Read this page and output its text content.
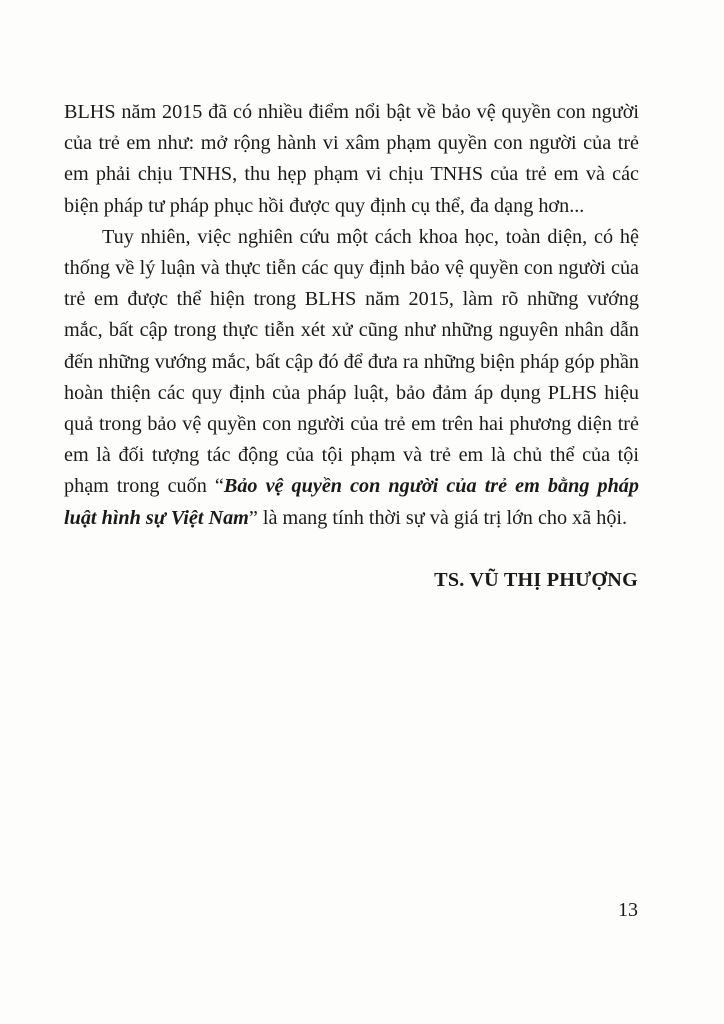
BLHS năm 2015 đã có nhiều điểm nổi bật về bảo vệ quyền con người của trẻ em như: mở rộng hành vi xâm phạm quyền con người của trẻ em phải chịu TNHS, thu hẹp phạm vi chịu TNHS của trẻ em và các biện pháp tư pháp phục hồi được quy định cụ thể, đa dạng hơn...

Tuy nhiên, việc nghiên cứu một cách khoa học, toàn diện, có hệ thống về lý luận và thực tiễn các quy định bảo vệ quyền con người của trẻ em được thể hiện trong BLHS năm 2015, làm rõ những vướng mắc, bất cập trong thực tiễn xét xử cũng như những nguyên nhân dẫn đến những vướng mắc, bất cập đó để đưa ra những biện pháp góp phần hoàn thiện các quy định của pháp luật, bảo đảm áp dụng PLHS hiệu quả trong bảo vệ quyền con người của trẻ em trên hai phương diện trẻ em là đối tượng tác động của tội phạm và trẻ em là chủ thể của tội phạm trong cuốn “Bảo vệ quyền con người của trẻ em bằng pháp luật hình sự Việt Nam” là mang tính thời sự và giá trị lớn cho xã hội.

TS. VŨ THỊ PHƯỢNG
13
